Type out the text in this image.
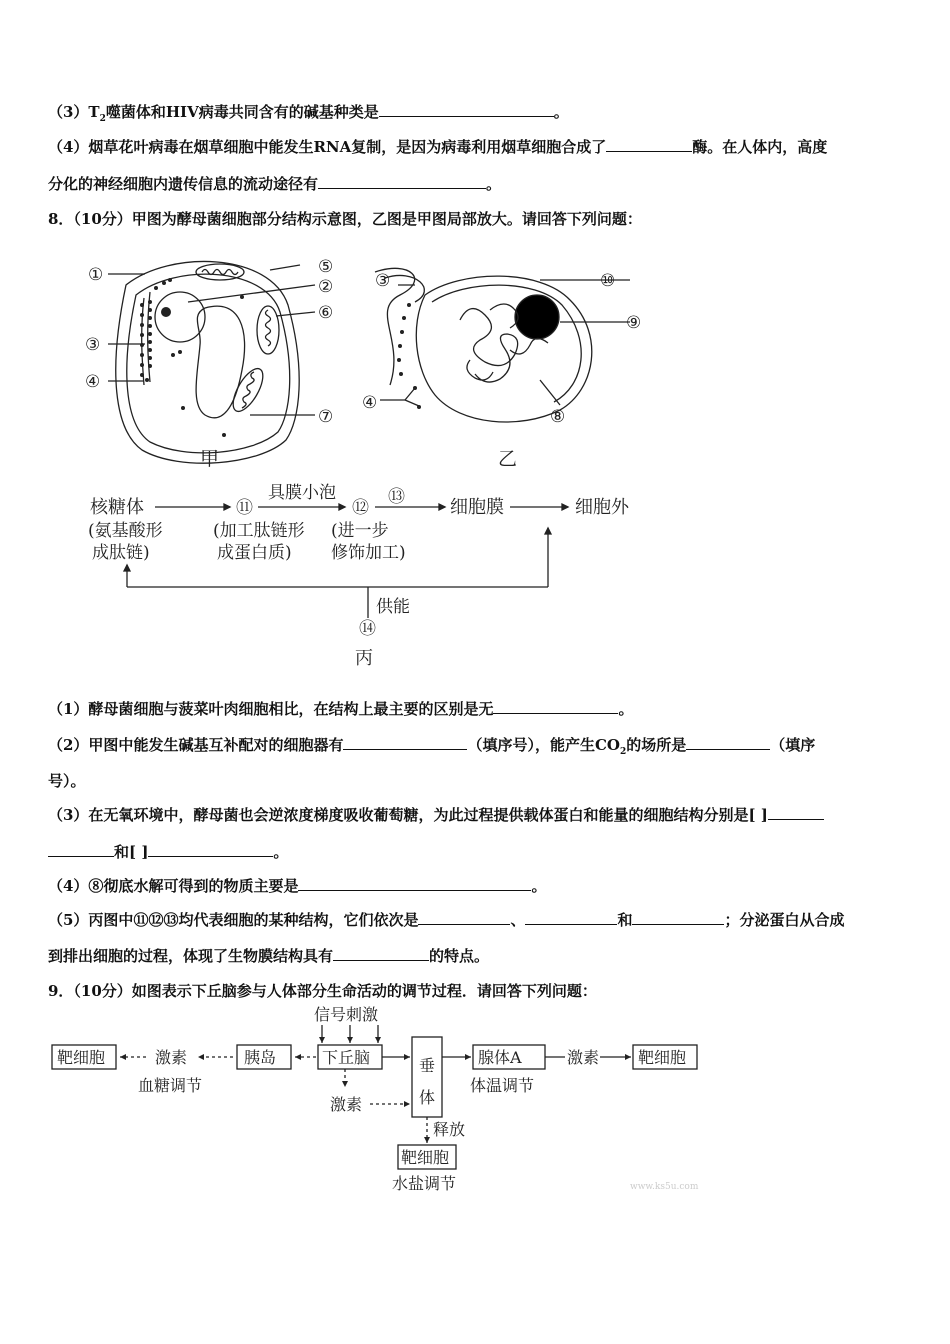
$(3)T_2$噬菌体和HIV病毒共同含有的碱基种类是	。
（4）烟草花叶病毒在烟草细胞中能发生RNA复制，是因为病毒利用烟草细胞合成了	酶。在人体内，高度
分化的神经细胞内遗传信息的流动途径有	。
8．（10分）甲图为酵母菌细胞部分结构示意图，乙图是甲图局部放大。请回答下列问题：
①	⑤
②
⑥
③
④
⑦
甲
③	⑩
⑨
⑧
④
乙
核糖体
(氨基酸形
成肽链)
⑪
具膜小泡
(加工肽链形
成蛋白质)
⑫
⑬
(进一步
修饰加工)
细胞膜	细胞外
供能
⑭
丙
（1）酵母菌细胞与菠菜叶肉细胞相比，在结构上最主要的区别是无	。
（2）甲图中能发生碱基互补配对的细胞器有	（填序号），能产生$CO_2$的场所是	（填序
号）。
（3）在无氧环境中，酵母菌也会逆浓度梯度吸收葡萄糖，为此过程提供载体蛋白和能量的细胞结构分别是[ ]
和[ ]	。
（4）⑧彻底水解可得到的物质主要是	。
（5）丙图中⑪⑫⑬均代表细胞的某种结构，它们依次是	、	和	；分泌蛋白从合成
到排出细胞的过程，体现了生物膜结构具有	的特点。
9．（10分）如图表示下丘脑参与人体部分生命活动的调节过程．请回答下列问题：
靶细胞	激素
血糖调节
胰岛	下丘脑
信号刺激
激素
垂
体
释放
靶细胞
水盐调节
腺体A
体温调节
激素 靶细胞
www.ks5u.com
